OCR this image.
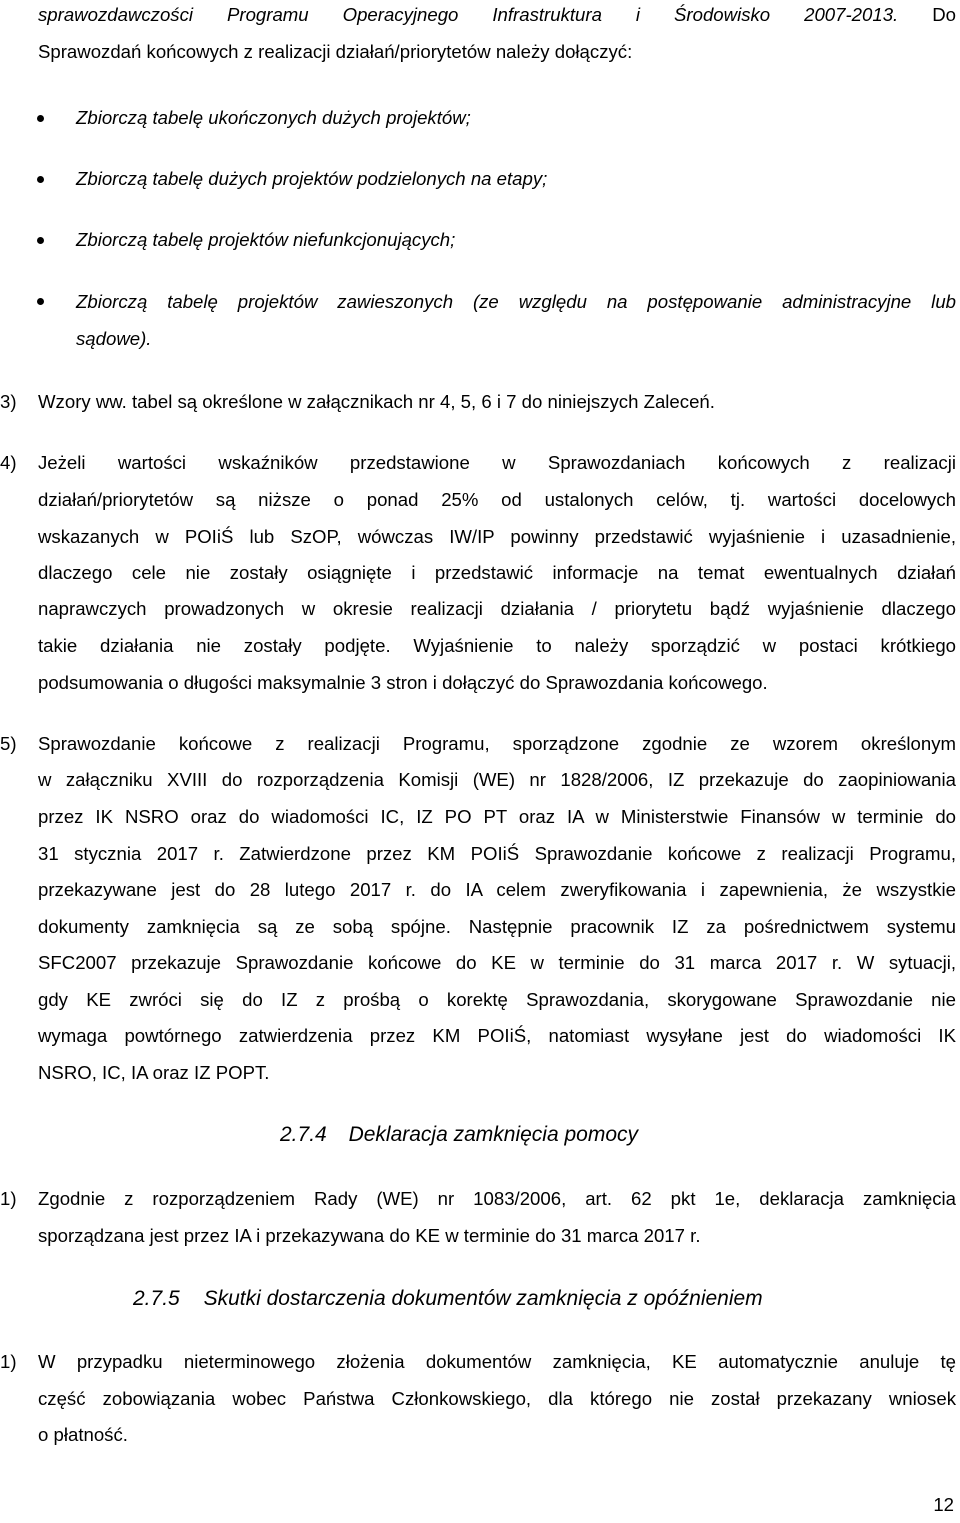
sprawozdawczości Programu Operacyjnego Infrastruktura i Środowisko 2007-2013. Do
Sprawozdań końcowych z realizacji działań/priorytetów należy dołączyć:
Zbiorczą tabelę ukończonych dużych projektów;
Zbiorczą tabelę dużych projektów podzielonych na etapy;
Zbiorczą tabelę projektów niefunkcjonujących;
Zbiorczą tabelę projektów zawieszonych (ze względu na postępowanie administracyjne lub
sądowe).
3) Wzory ww. tabel są określone w załącznikach nr 4, 5, 6 i 7 do niniejszych Zaleceń.
4)	Jeżeli wartości wskaźników przedstawione w Sprawozdaniach końcowych z realizacji
działań/priorytetów są niższe o ponad 25% od ustalonych celów, tj. wartości docelowych
wskazanych w POIiŚ lub SzOP, wówczas IW/IP powinny przedstawić wyjaśnienie i uzasadnienie,
dlaczego cele nie zostały osiągnięte i przedstawić informacje na temat ewentualnych działań
naprawczych prowadzonych w okresie realizacji działania / priorytetu bądź wyjaśnienie dlaczego
takie działania nie zostały podjęte. Wyjaśnienie to należy sporządzić w postaci krótkiego
podsumowania o długości maksymalnie 3 stron i dołączyć do Sprawozdania końcowego.
5)	Sprawozdanie końcowe z realizacji Programu, sporządzone zgodnie ze wzorem określonym
w załączniku XVIII do rozporządzenia Komisji (WE) nr 1828/2006, IZ przekazuje do zaopiniowania
przez IK NSRO oraz do wiadomości IC, IZ PO PT oraz IA w Ministerstwie Finansów w terminie do
31 stycznia 2017 r. Zatwierdzone przez KM POIiŚ Sprawozdanie końcowe z realizacji Programu,
przekazywane jest do 28 lutego 2017 r. do IA celem zweryfikowania i zapewnienia, że wszystkie
dokumenty zamknięcia są ze sobą spójne. Następnie pracownik IZ za pośrednictwem systemu
SFC2007 przekazuje Sprawozdanie końcowe do KE w terminie do 31 marca 2017 r. W sytuacji,
gdy KE zwróci się do IZ z prośbą o korektę Sprawozdania, skorygowane Sprawozdanie nie
wymaga powtórnego zatwierdzenia przez KM POIiŚ, natomiast wysyłane jest do wiadomości IK
NSRO, IC, IA oraz IZ POPT.
2.7.4 Deklaracja zamknięcia pomocy
1)	Zgodnie z rozporządzeniem Rady (WE) nr 1083/2006, art. 62 pkt 1e, deklaracja zamknięcia
sporządzana jest przez IA i przekazywana do KE w terminie do 31 marca 2017 r.
2.7.5 Skutki dostarczenia dokumentów zamknięcia z opóźnieniem
1)	W przypadku nieterminowego złożenia dokumentów zamknięcia, KE automatycznie anuluje tę
część zobowiązania wobec Państwa Członkowskiego, dla którego nie został przekazany wniosek
o płatność.
12
